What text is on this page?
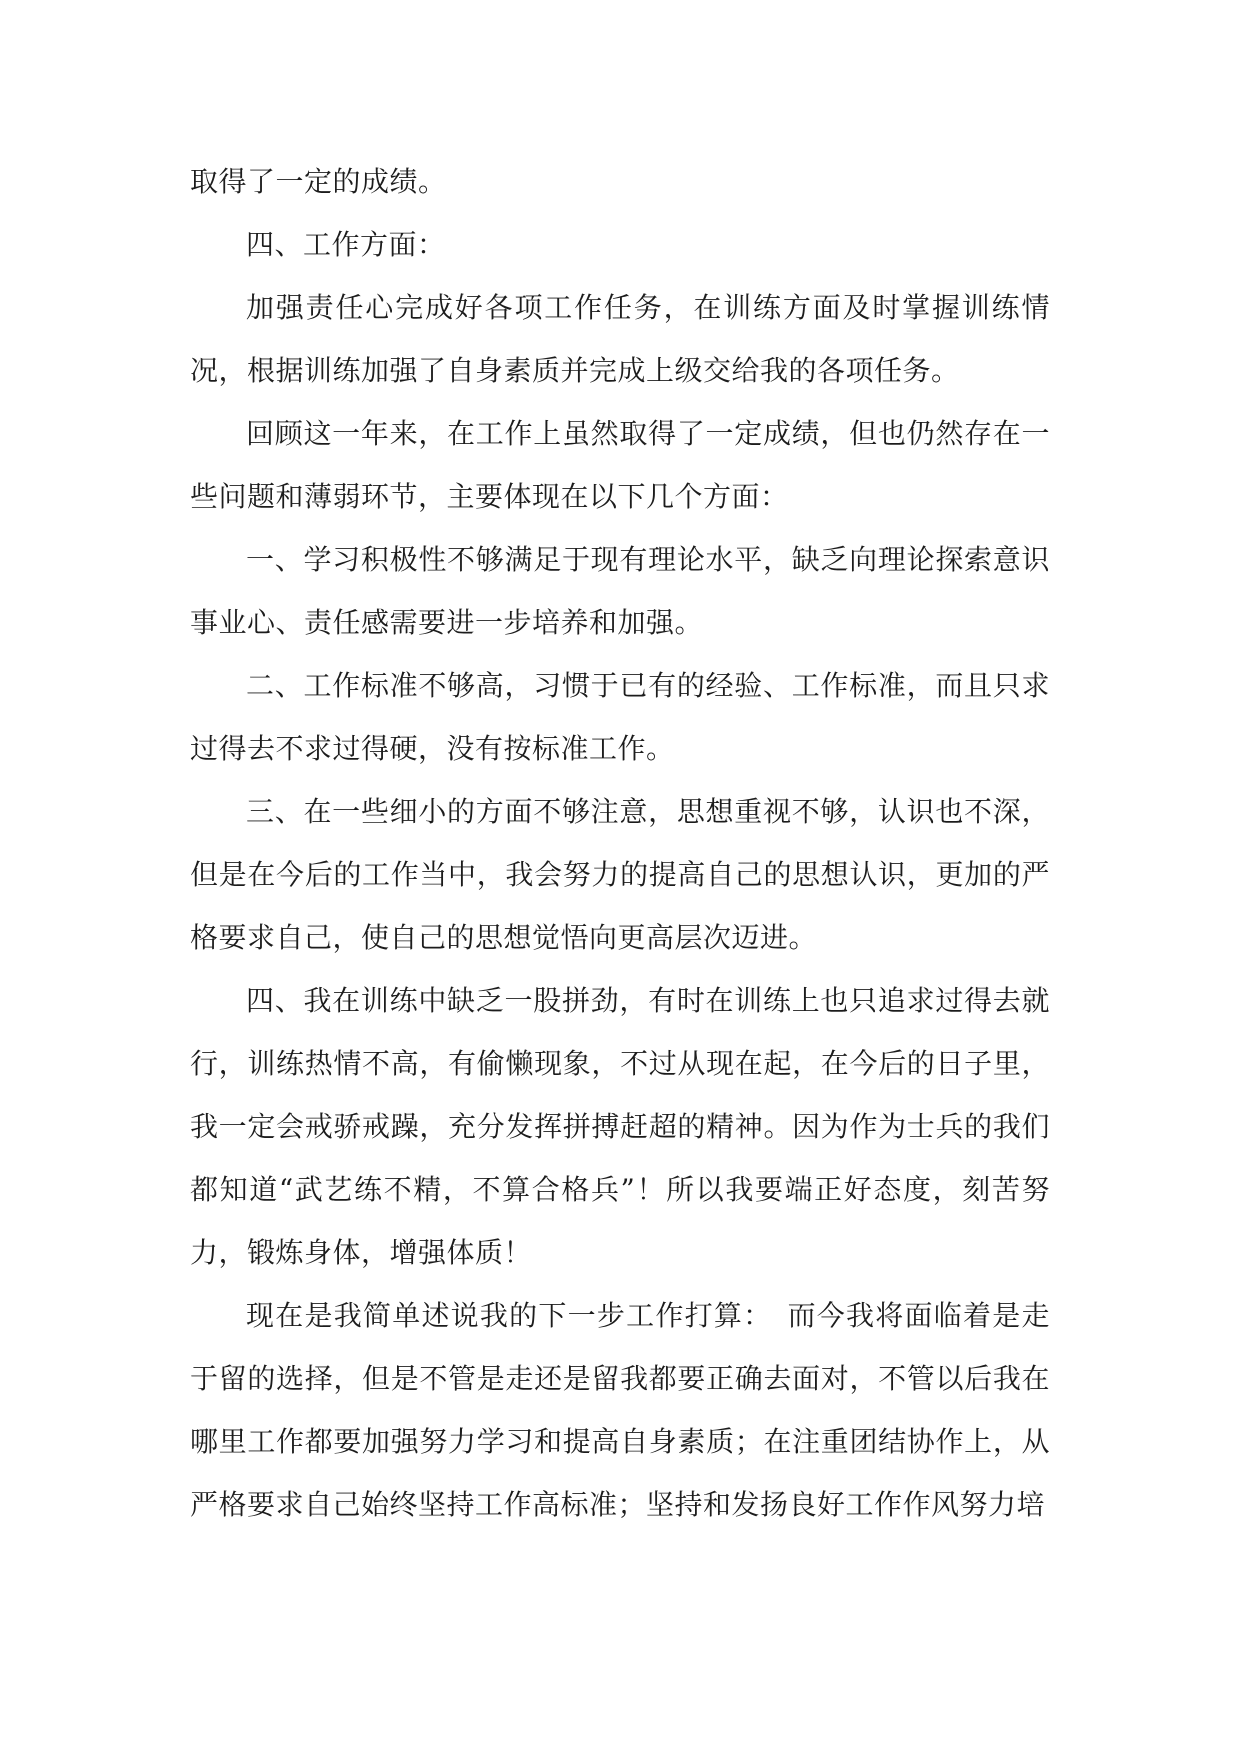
取得了一定的成绩。

四、工作方面：

加强责任心完成好各项工作任务，在训练方面及时掌握训练情况，根据训练加强了自身素质并完成上级交给我的各项任务。

回顾这一年来，在工作上虽然取得了一定成绩，但也仍然存在一些问题和薄弱环节，主要体现在以下几个方面：

一、学习积极性不够满足于现有理论水平，缺乏向理论探索意识事业心、责任感需要进一步培养和加强。

二、工作标准不够高，习惯于已有的经验、工作标准，而且只求过得去不求过得硬，没有按标准工作。

三、在一些细小的方面不够注意，思想重视不够，认识也不深，但是在今后的工作当中，我会努力的提高自己的思想认识，更加的严格要求自己，使自己的思想觉悟向更高层次迈进。

四、我在训练中缺乏一股拼劲，有时在训练上也只追求过得去就行，训练热情不高，有偷懒现象，不过从现在起，在今后的日子里，我一定会戒骄戒躁，充分发挥拼搏赶超的精神。因为作为士兵的我们都知道“武艺练不精，不算合格兵”！所以我要端正好态度，刻苦努力，锻炼身体，增强体质！

现在是我简单述说我的下一步工作打算：　而今我将面临着是走于留的选择，但是不管是走还是留我都要正确去面对，不管以后我在哪里工作都要加强努力学习和提高自身素质；在注重团结协作上，从严格要求自己始终坚持工作高标准；坚持和发扬良好工作作风努力培
